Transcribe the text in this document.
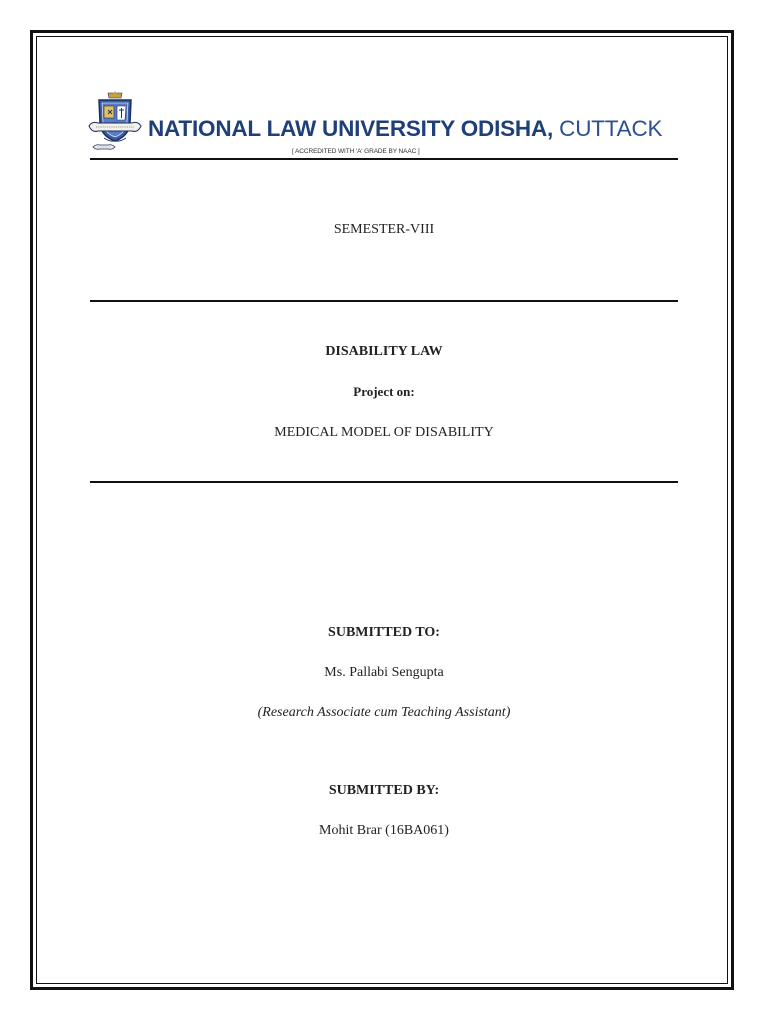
NATIONAL LAW UNIVERSITY ODISHA, CUTTACK
[ ACCREDITED WITH 'A' GRADE BY NAAC ]
SEMESTER-VIII
DISABILITY LAW
Project on:
MEDICAL MODEL OF DISABILITY
SUBMITTED TO:
Ms. Pallabi Sengupta
(Research Associate cum Teaching Assistant)
SUBMITTED BY:
Mohit Brar (16BA061)
